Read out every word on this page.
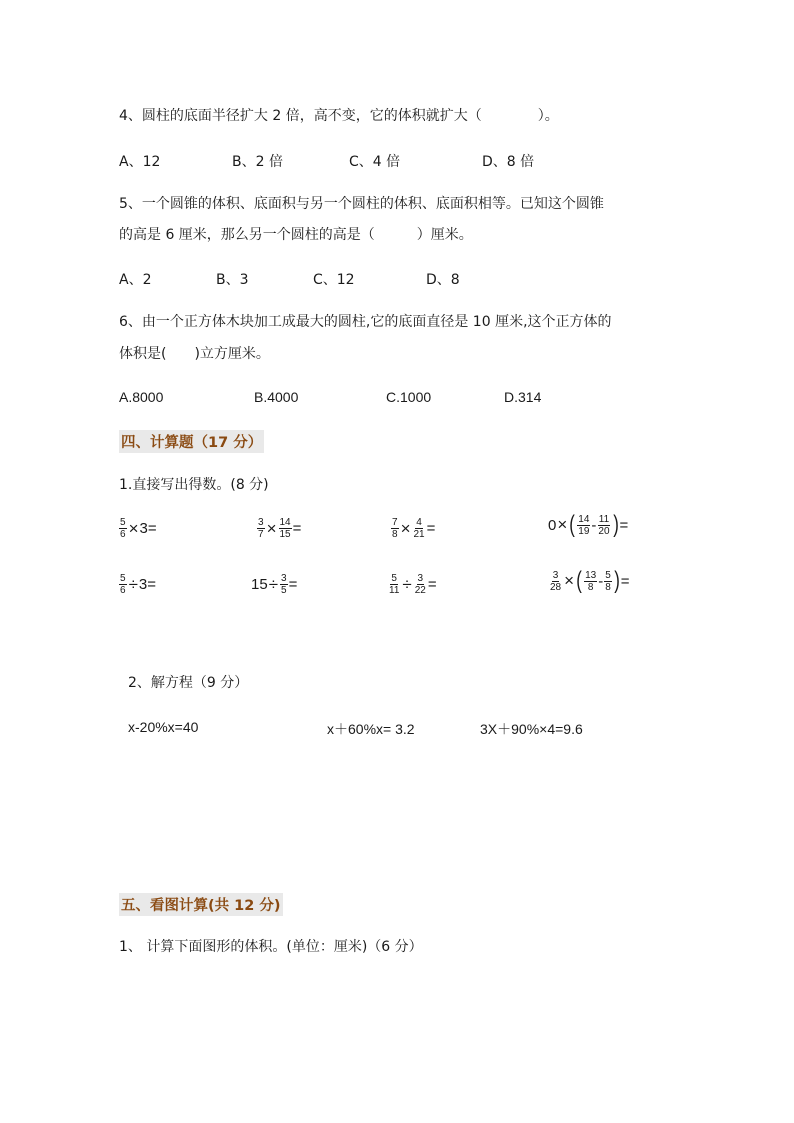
4、圆柱的底面半径扩大 2 倍，高不变，它的体积就扩大（　　　　）。
A、12	B、2 倍	C、4 倍	D、8 倍
5、一个圆锥的体积、底面积与另一个圆柱的体积、底面积相等。已知这个圆锥
的高是 6 厘米，那么另一个圆柱的高是（　　　）厘米。
A、2	B、3	C、12	D、8
6、由一个正方体木块加工成最大的圆柱,它的底面直径是 10 厘米,这个正方体的
体积是(　　)立方厘米。
A.8000	B.4000	C.1000	D.314
四、计算题（17 分）
1.直接写出得数。(8 分)
$\frac{5}{6} \times 3=$	$\frac{3}{7} \times \frac{14}{15}$ =	$\frac{7}{8} \times \frac{4}{21}$ =	0 × ( $\frac{14}{19} - \frac{11}{20}$ ) =
$\frac{5}{6} \div 3=$	$15 \div \frac{3}{5}$ =	$\frac{5}{11} \div \frac{3}{22}$ =	$\frac{3}{28}$ × ( $\frac{13}{8} - \frac{5}{8}$ ) =
2、解方程（9 分）
x-20%x=40	x＋60%x= 3.2	3X＋90%×4=9.6
五、看图计算(共 12 分)
1、 计算下面图形的体积。(单位：厘米)（6 分）
